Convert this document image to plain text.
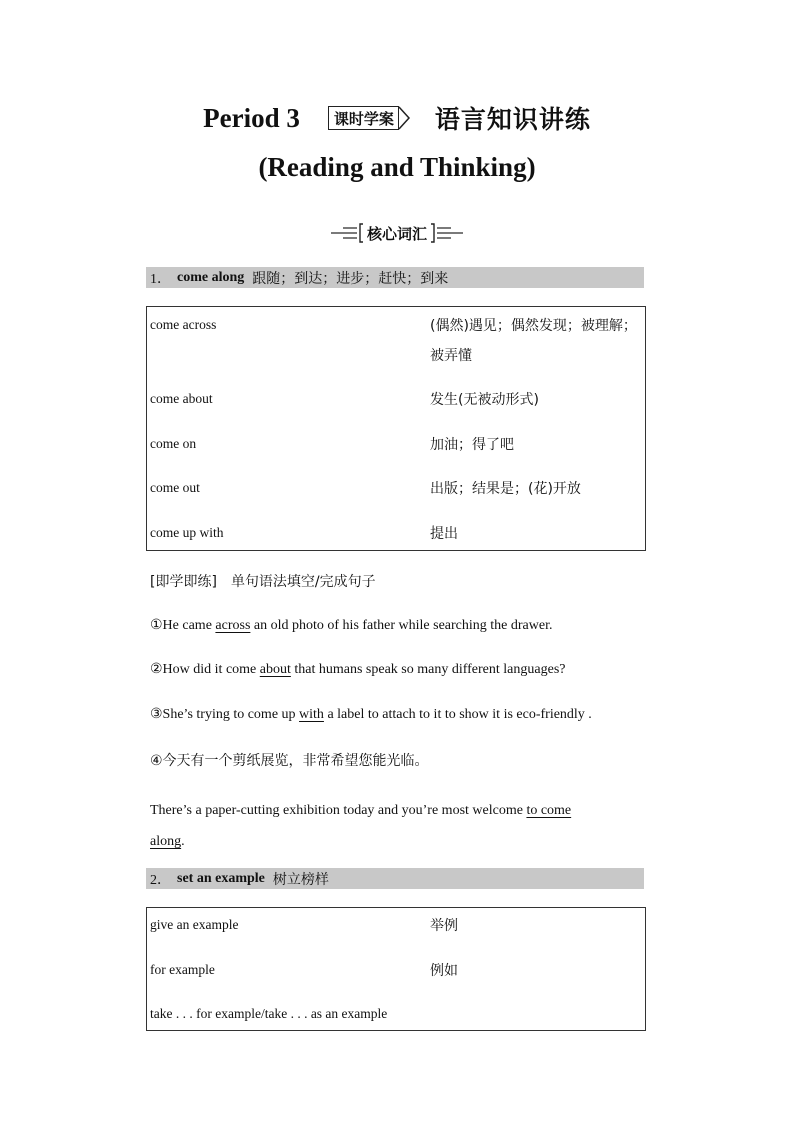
Period 3	课时学案 语言知识讲练
(Reading and Thinking)
核心词汇
1． come along 跟随；到达；进步；赶快；到来
come across	(偶然)遇见；偶然发现；被理解；被弄懂
come about	发生(无被动形式)
come on	加油；得了吧
come out	出版；结果是；(花)开放
come up with	提出
[即学即练] 单句语法填空/完成句子
①He came across an old photo of his father while searching the drawer.
②How did it come about that humans speak so many different languages?
③She’s trying to come up with a label to attach to it to show it is eco-friendly .
④今天有一个剪纸展览，非常希望您能光临。
There’s a paper-cutting exhibition today and you’re most welcome to come
along.
2． set an example 树立榜样
give an example	举例
for example	例如
take . . . for example/take . . . as an example
